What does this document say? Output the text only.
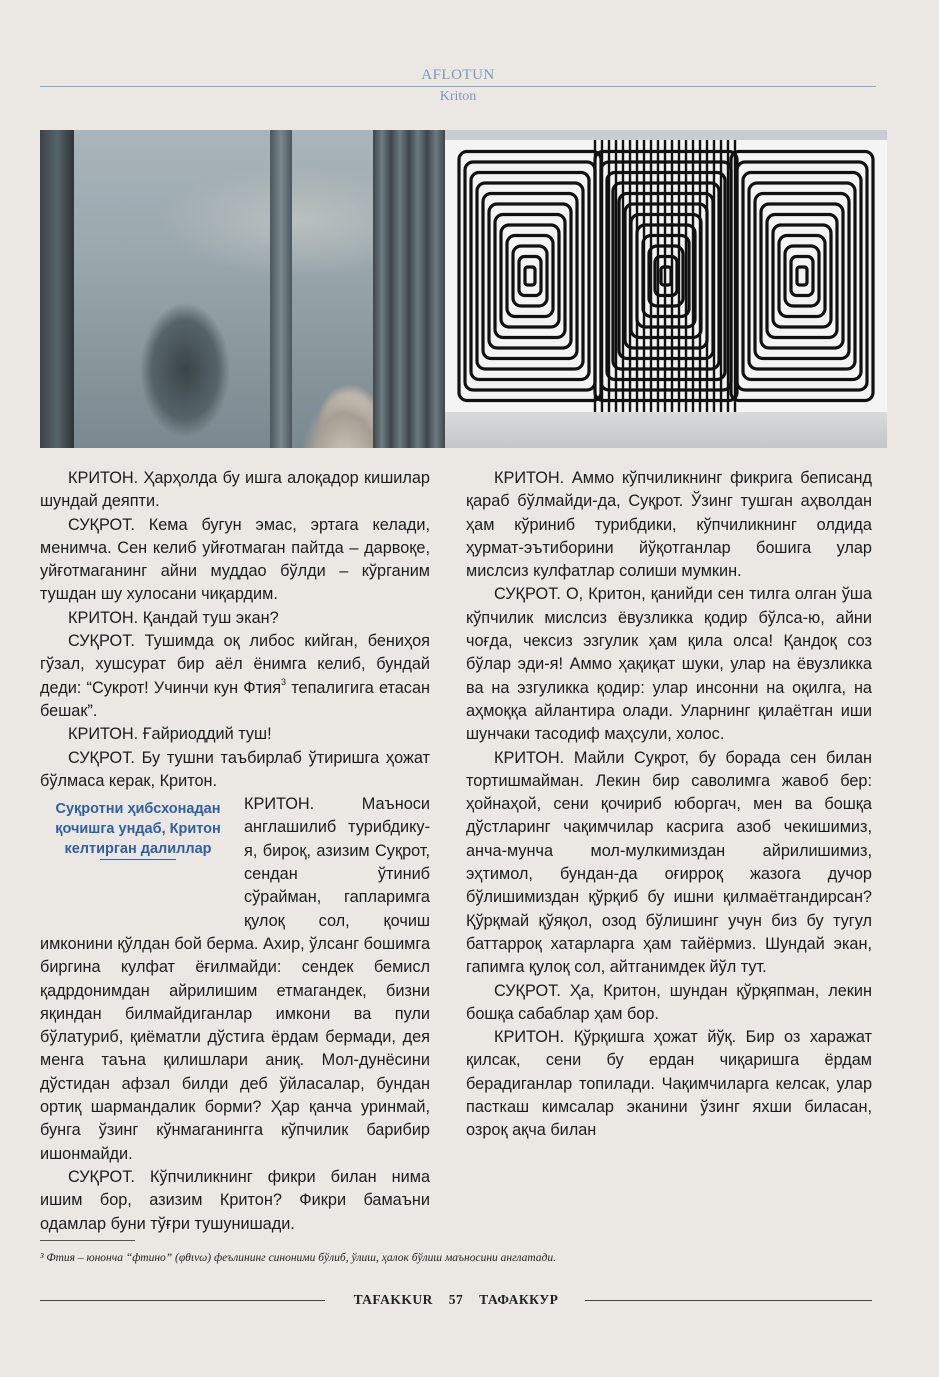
AFLOTUN
Kriton

КРИТОН. Ҳарҳолда бу ишга алоқадор кишилар шундай деяпти.

СУҚРОТ. Кема бугун эмас, эртага келади, менимча. Сен келиб уйғотмаган пайтда – дарвоқе, уйғотмаганинг айни муддао бўлди – кўрганим тушдан шу хулосани чиқардим.

КРИТОН. Қандай туш экан?

СУҚРОТ. Тушимда оқ либос кийган, бениҳоя гўзал, хушсурат бир аёл ёнимга келиб, бундай деди: “Сукрот! Учинчи кун Фтия$^3$ тепалигига етасан бешак”.

КРИТОН. Ғайриоддий туш!

СУҚРОТ. Бу тушни таъбирлаб ўтиришга ҳожат бўлмаса керак, Критон.

Суқротни ҳибсхонадан қочишга ундаб, Критон келтирган далиллар

КРИТОН. Маъноси англашилиб турибдику-я, бироқ, азизим Суқрот, сендан ўтиниб сўрайман, гапларимга қулоқ сол, қочиш имконини қўлдан бой берма. Ахир, ўлсанг бошимга биргина кулфат ёғилмайди: сендек бемисл қадрдонимдан айрилишим етмагандек, бизни яқиндан билмайдиганлар имкони ва пули бўлатуриб, қиёматли дўстига ёрдам бермади, дея менга таъна қилишлари аниқ. Мол-дунёсини дўстидан афзал билди деб ўйласалар, бундан ортиқ шармандалик борми? Ҳар қанча уринмай, бунга ўзинг кўнмаганингга кўпчилик барибир ишонмайди.

СУҚРОТ. Кўпчиликнинг фикри билан нима ишим бор, азизим Критон? Фикри бамаъни одамлар буни тўғри тушунишади.

КРИТОН. Аммо кўпчиликнинг фикрига беписанд қараб бўлмайди-да, Суқрот. Ўзинг тушган аҳволдан ҳам кўриниб турибдики, кўпчиликнинг олдида ҳурмат-эътиборини йўқотганлар бошига улар мислсиз кулфатлар солиши мумкин.

СУҚРОТ. О, Критон, қанийди сен тилга олган ўша кўпчилик мислсиз ёвузликка қодир бўлса-ю, айни чоғда, чексиз эзгулик ҳам қила олса! Қандоқ соз бўлар эди-я! Аммо ҳақиқат шуки, улар на ёвузликка ва на эзгуликка қодир: улар инсонни на оқилга, на аҳмоққа айлантира олади. Уларнинг қилаётган иши шунчаки тасодиф маҳсули, холос.

КРИТОН. Майли Суқрот, бу борада сен билан тортишмайман. Лекин бир саволимга жавоб бер: ҳойнаҳой, сени қочириб юборгач, мен ва бошқа дўстларинг чақимчилар касрига азоб чекишимиз, анча-мунча мол-мулкимиздан айрилишимиз, эҳтимол, бундан-да оғирроқ жазога дучор бўлишимиздан қўрқиб бу ишни қилмаётгандирсан? Қўрқмай қўяқол, озод бўлишинг учун биз бу тугул баттарроқ хатарларга ҳам тайёрмиз. Шундай экан, гапимга қулоқ сол, айтганимдек йўл тут.

СУҚРОТ. Ҳа, Критон, шундан қўрқяпман, лекин бошқа сабаблар ҳам бор.

КРИТОН. Қўрқишга ҳожат йўқ. Бир оз харажат қилсак, сени бу ердан чиқаришга ёрдам берадиганлар топилади. Чақимчиларга келсак, улар пасткаш кимсалар эканини ўзинг яхши биласан, озроқ ақча билан

³ Фтия – юнонча “фтино” (φθινω) феълининг синоними бўлиб, ўлиш, ҳалок бўлиш маъносини англатади.
TAFAKKUR 57 ТАФАККУР
